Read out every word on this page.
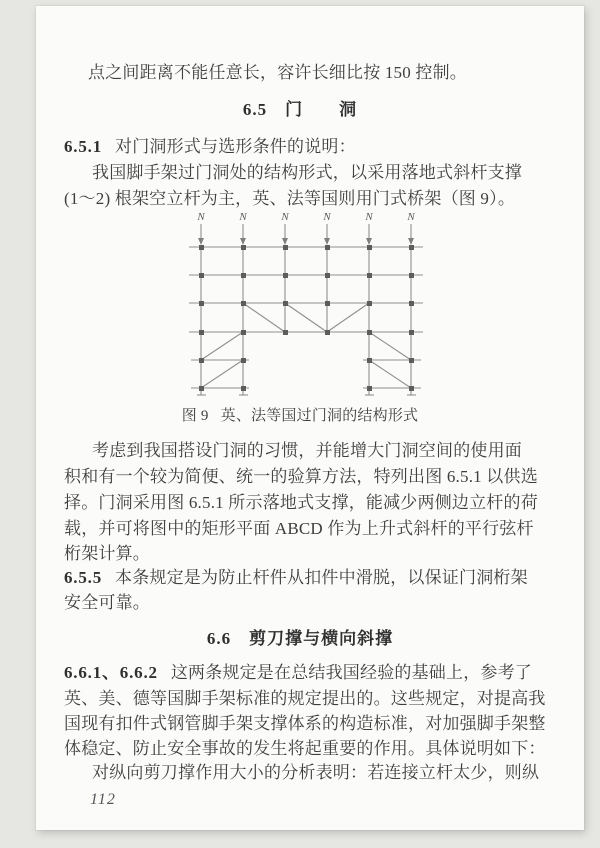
点之间距离不能任意长，容许长细比按 150 控制。
6.5 门　　洞
6.5.1 对门洞形式与选形条件的说明：
我国脚手架过门洞处的结构形式，以采用落地式斜杆支撑
(1～2) 根架空立杆为主，英、法等国则用门式桥架（图 9）。
N	N	N	N	N	N
图 9 英、法等国过门洞的结构形式
考虑到我国搭设门洞的习惯，并能增大门洞空间的使用面
积和有一个较为简便、统一的验算方法，特列出图 6.5.1 以供选
择。门洞采用图 6.5.1 所示落地式支撑，能减少两侧边立杆的荷
载，并可将图中的矩形平面 ABCD 作为上升式斜杆的平行弦杆
桁架计算。
6.5.5 本条规定是为防止杆件从扣件中滑脱，以保证门洞桁架
安全可靠。
6.6 剪刀撑与横向斜撑
6.6.1、6.6.2 这两条规定是在总结我国经验的基础上，参考了
英、美、德等国脚手架标准的规定提出的。这些规定，对提高我
国现有扣件式钢管脚手架支撑体系的构造标准，对加强脚手架整
体稳定、防止安全事故的发生将起重要的作用。具体说明如下：
对纵向剪刀撑作用大小的分析表明：若连接立杆太少，则纵
112
